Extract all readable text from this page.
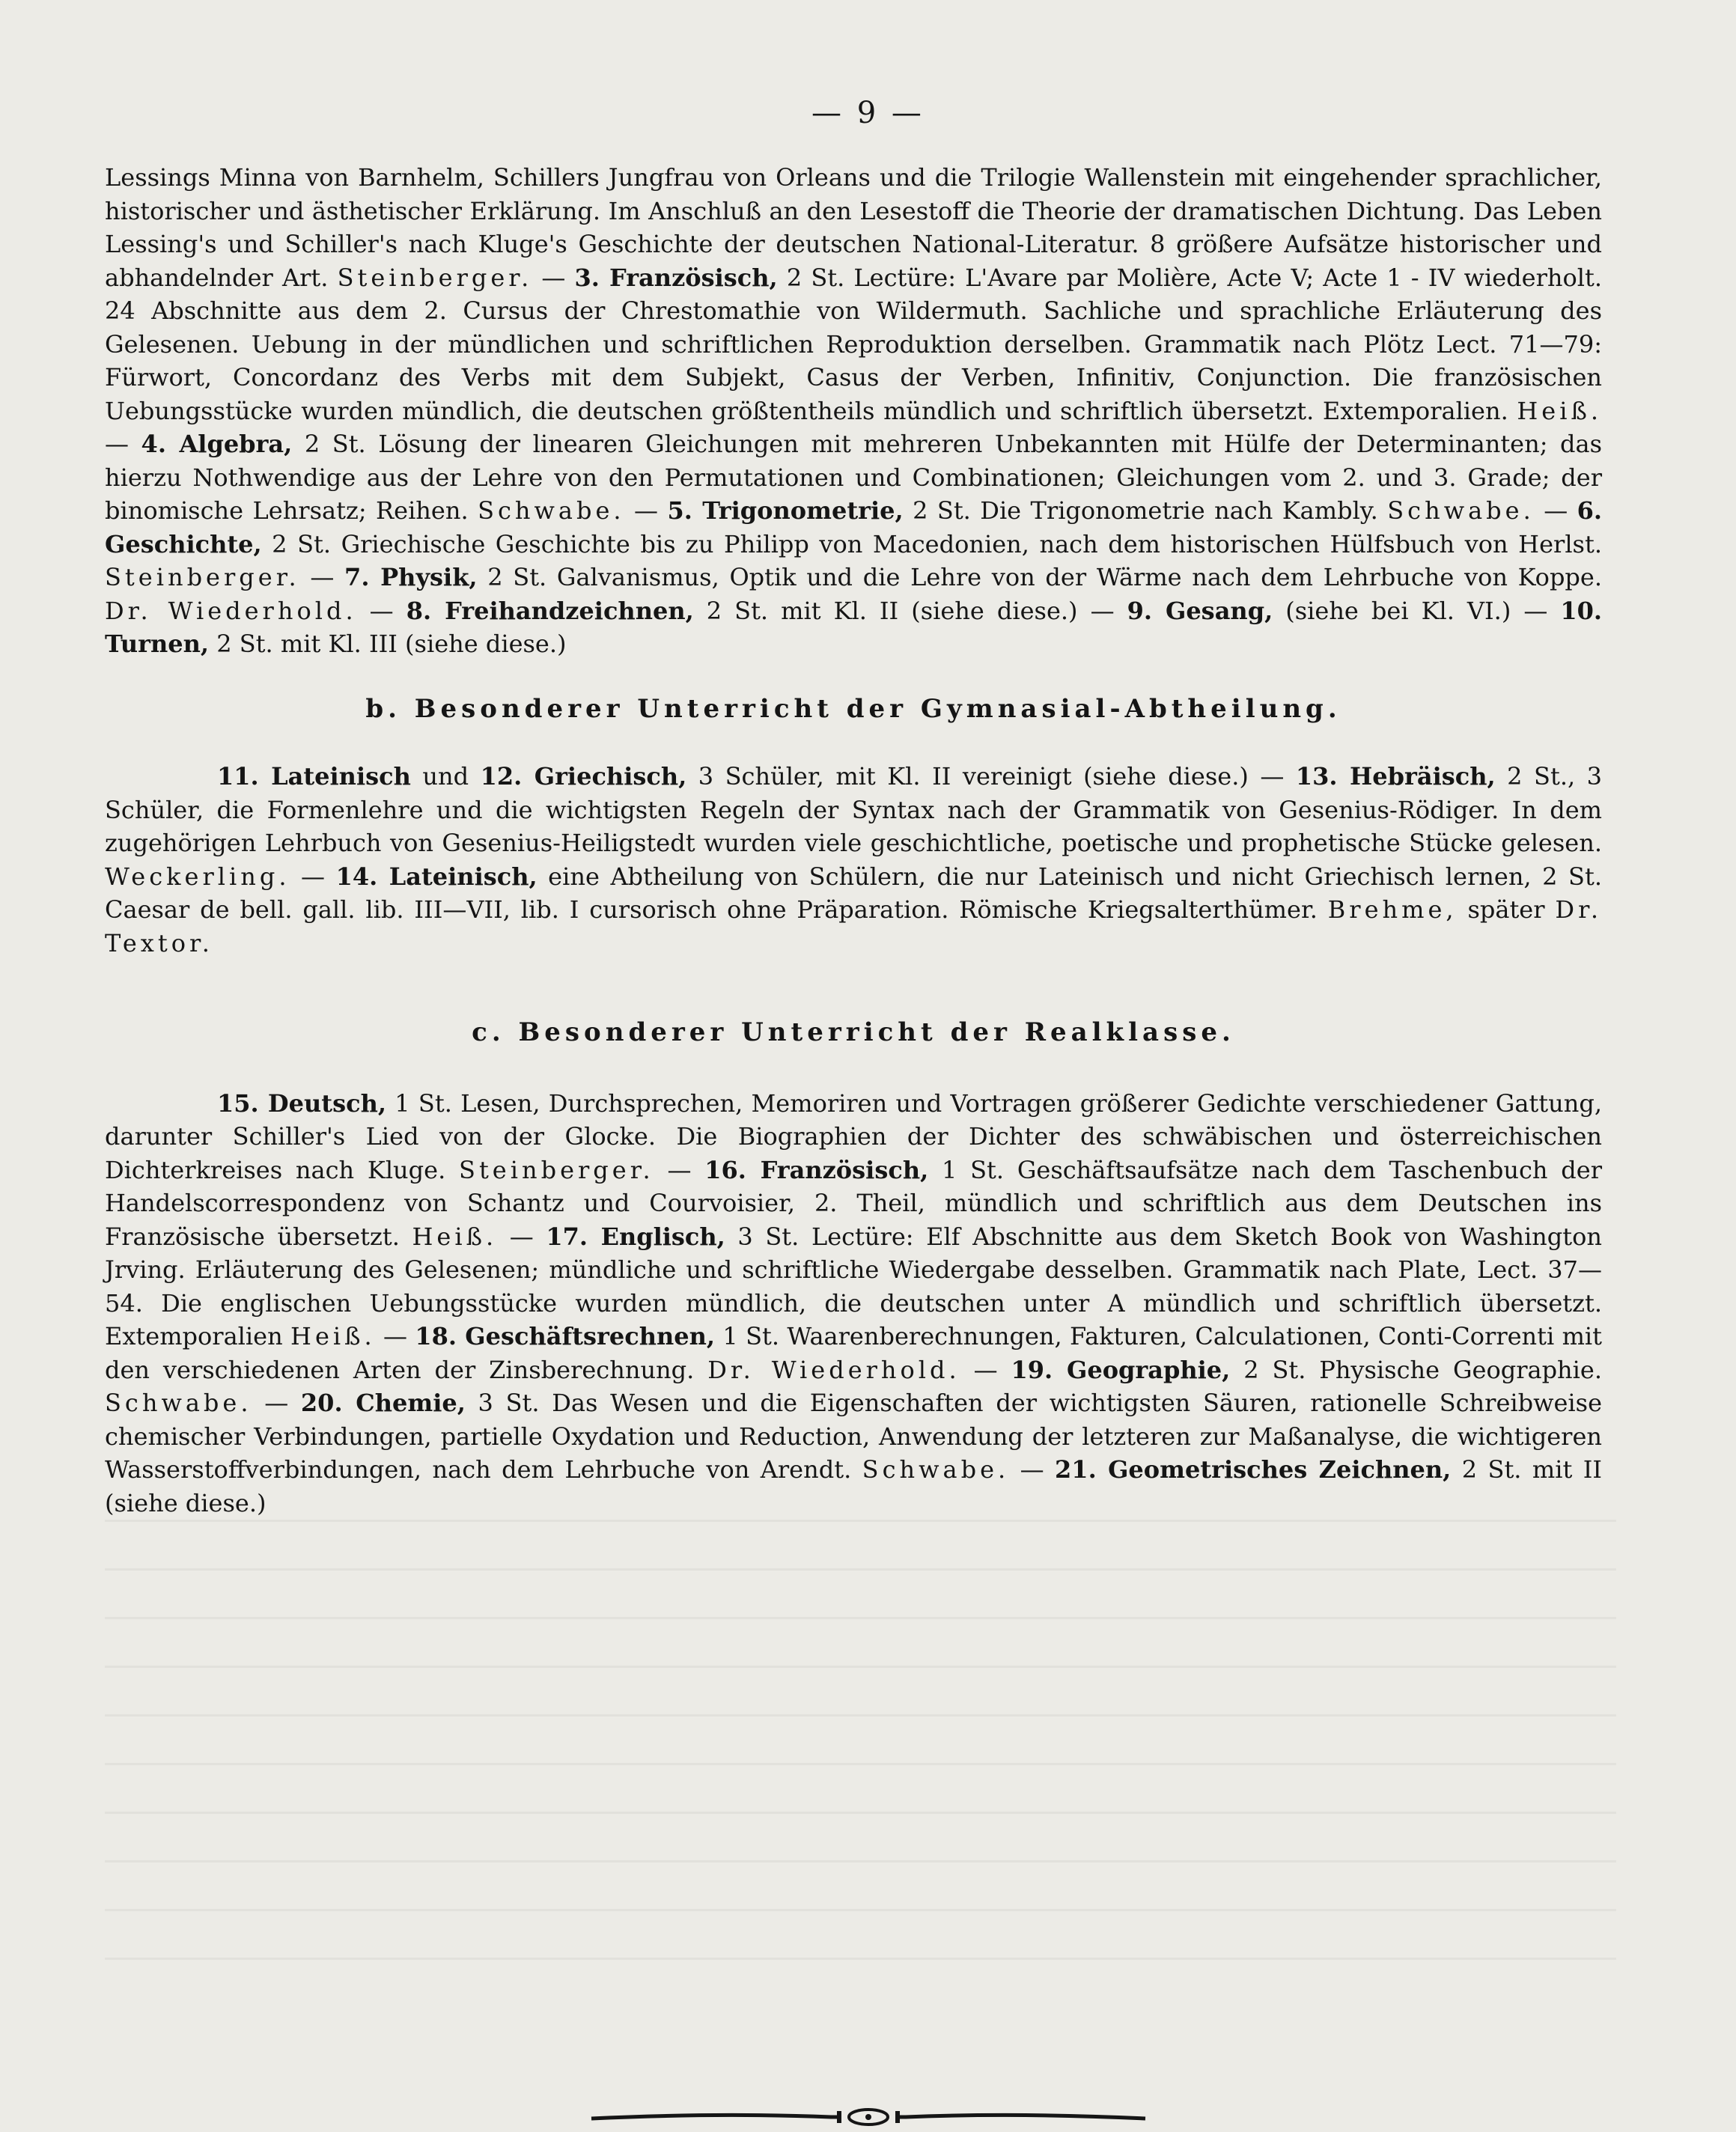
— 9 —

Lessings Minna von Barnhelm, Schillers Jungfrau von Orleans und die Trilogie Wallenstein mit eingehender sprachlicher, historischer und ästhetischer Erklärung. Im Anschluß an den Lesestoff die Theorie der dramatischen Dichtung. Das Leben Lessing's und Schiller's nach Kluge's Geschichte der deutschen National-Literatur. 8 größere Aufsätze historischer und abhandelnder Art. Steinberger. — 3. Französisch, 2 St. Lectüre: L'Avare par Molière, Acte V; Acte 1 - IV wiederholt. 24 Abschnitte aus dem 2. Cursus der Chrestomathie von Wildermuth. Sachliche und sprachliche Erläuterung des Gelesenen. Uebung in der mündlichen und schriftlichen Reproduktion derselben. Grammatik nach Plötz Lect. 71—79: Fürwort, Concordanz des Verbs mit dem Subjekt, Casus der Verben, Infinitiv, Conjunction. Die französischen Uebungsstücke wurden mündlich, die deutschen größtentheils mündlich und schriftlich übersetzt. Extemporalien. Heiß. — 4. Algebra, 2 St. Lösung der linearen Gleichungen mit mehreren Unbekannten mit Hülfe der Determinanten; das hierzu Nothwendige aus der Lehre von den Permutationen und Combinationen; Gleichungen vom 2. und 3. Grade; der binomische Lehrsatz; Reihen. Schwabe. — 5. Trigonometrie, 2 St. Die Trigonometrie nach Kambly. Schwabe. — 6. Geschichte, 2 St. Griechische Geschichte bis zu Philipp von Macedonien, nach dem historischen Hülfsbuch von Herlst. Steinberger. — 7. Physik, 2 St. Galvanismus, Optik und die Lehre von der Wärme nach dem Lehrbuche von Koppe. Dr. Wiederhold. — 8. Freihandzeichnen, 2 St. mit Kl. II (siehe diese.) — 9. Gesang, (siehe bei Kl. VI.) — 10. Turnen, 2 St. mit Kl. III (siehe diese.)

b. Besonderer Unterricht der Gymnasial-Abtheilung.

11. Lateinisch und 12. Griechisch, 3 Schüler, mit Kl. II vereinigt (siehe diese.) — 13. Hebräisch, 2 St., 3 Schüler, die Formenlehre und die wichtigsten Regeln der Syntax nach der Grammatik von Gesenius-Rödiger. In dem zugehörigen Lehrbuch von Gesenius-Heiligstedt wurden viele geschichtliche, poetische und prophetische Stücke gelesen. Weckerling. — 14. Lateinisch, eine Abtheilung von Schülern, die nur Lateinisch und nicht Griechisch lernen, 2 St. Caesar de bell. gall. lib. III—VII, lib. I cursorisch ohne Präparation. Römische Kriegsalterthümer. Brehme, später Dr. Textor.

c. Besonderer Unterricht der Realklasse.

15. Deutsch, 1 St. Lesen, Durchsprechen, Memoriren und Vortragen größerer Gedichte verschiedener Gattung, darunter Schiller's Lied von der Glocke. Die Biographien der Dichter des schwäbischen und österreichischen Dichterkreises nach Kluge. Steinberger. — 16. Französisch, 1 St. Geschäftsaufsätze nach dem Taschenbuch der Handelscorrespondenz von Schantz und Courvoisier, 2. Theil, mündlich und schriftlich aus dem Deutschen ins Französische übersetzt. Heiß. — 17. Englisch, 3 St. Lectüre: Elf Abschnitte aus dem Sketch Book von Washington Jrving. Erläuterung des Gelesenen; mündliche und schriftliche Wiedergabe desselben. Grammatik nach Plate, Lect. 37—54. Die englischen Uebungsstücke wurden mündlich, die deutschen unter A mündlich und schriftlich übersetzt. Extemporalien Heiß. — 18. Geschäftsrechnen, 1 St. Waarenberechnungen, Fakturen, Calculationen, Conti-Correnti mit den verschiedenen Arten der Zinsberechnung. Dr. Wiederhold. — 19. Geographie, 2 St. Physische Geographie. Schwabe. — 20. Chemie, 3 St. Das Wesen und die Eigenschaften der wichtigsten Säuren, rationelle Schreibweise chemischer Verbindungen, partielle Oxydation und Reduction, Anwendung der letzteren zur Maßanalyse, die wichtigeren Wasserstoffverbindungen, nach dem Lehrbuche von Arendt. Schwabe. — 21. Geometrisches Zeichnen, 2 St. mit II (siehe diese.)
